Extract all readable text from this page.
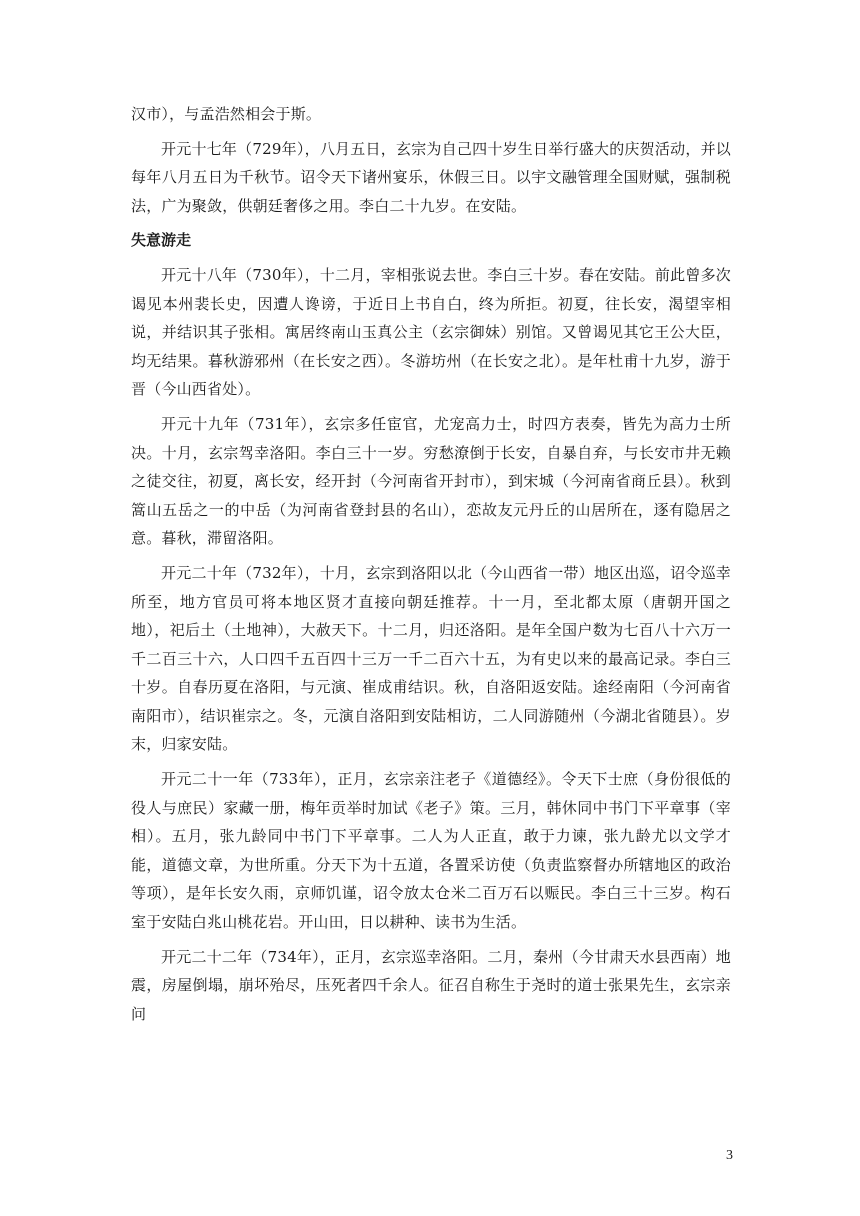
汉市），与孟浩然相会于斯。

开元十七年（729年），八月五日，玄宗为自己四十岁生日举行盛大的庆贺活动，并以每年八月五日为千秋节。诏令天下诸州宴乐，休假三日。以宇文融管理全国财赋，强制税法，广为聚敛，供朝廷奢侈之用。李白二十九岁。在安陆。

失意游走

开元十八年（730年），十二月，宰相张说去世。李白三十岁。春在安陆。前此曾多次谒见本州裴长史，因遭人谗谤，于近日上书自白，终为所拒。初夏，往长安，渴望宰相说，并结识其子张相。寓居终南山玉真公主（玄宗御妹）别馆。又曾谒见其它王公大臣，均无结果。暮秋游邪州（在长安之西）。冬游坊州（在长安之北）。是年杜甫十九岁，游于晋（今山西省处）。

开元十九年（731年），玄宗多任宦官，尤宠高力士，时四方表奏，皆先为高力士所决。十月，玄宗驾幸洛阳。李白三十一岁。穷愁潦倒于长安，自暴自弃，与长安市井无赖之徒交往，初夏，离长安，经开封（今河南省开封市），到宋城（今河南省商丘县）。秋到篙山五岳之一的中岳（为河南省登封县的名山），恋故友元丹丘的山居所在，逐有隐居之意。暮秋，滞留洛阳。

开元二十年（732年），十月，玄宗到洛阳以北（今山西省一带）地区出巡，诏令巡幸所至，地方官员可将本地区贤才直接向朝廷推荐。十一月，至北都太原（唐朝开国之地），祀后土（土地神），大赦天下。十二月，归还洛阳。是年全国户数为七百八十六万一千二百三十六，人口四千五百四十三万一千二百六十五，为有史以来的最高记录。李白三十岁。自春历夏在洛阳，与元演、崔成甫结识。秋，自洛阳返安陆。途经南阳（今河南省南阳市），结识崔宗之。冬，元演自洛阳到安陆相访，二人同游随州（今湖北省随县）。岁末，归家安陆。

开元二十一年（733年），正月，玄宗亲注老子《道德经》。令天下士庶（身份很低的役人与庶民）家藏一册，梅年贡举时加试《老子》策。三月，韩休同中书门下平章事（宰相）。五月，张九龄同中书门下平章事。二人为人正直，敢于力谏，张九龄尤以文学才能，道德文章，为世所重。分天下为十五道，各置采访使（负责监察督办所辖地区的政治等项），是年长安久雨，京师饥谨，诏令放太仓米二百万石以赈民。李白三十三岁。构石室于安陆白兆山桃花岩。开山田，日以耕种、读书为生活。

开元二十二年（734年），正月，玄宗巡幸洛阳。二月，秦州（今甘肃天水县西南）地震，房屋倒塌，崩坏殆尽，压死者四千余人。征召自称生于尧时的道士张果先生，玄宗亲问

3
